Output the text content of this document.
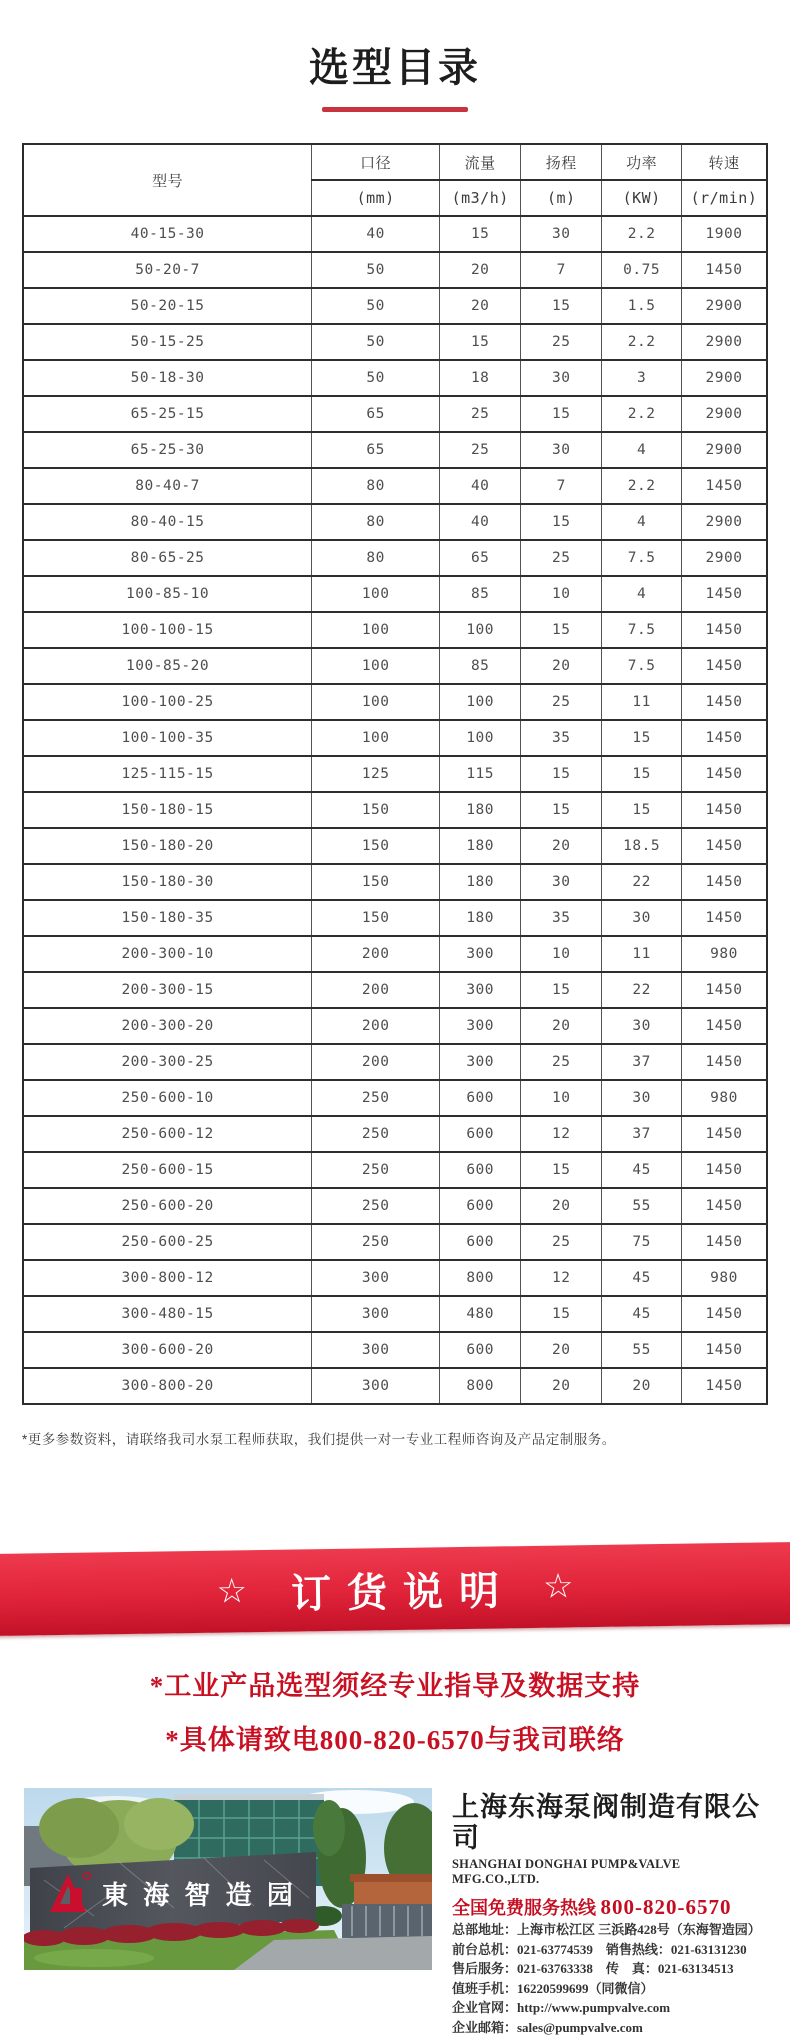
选型目录
型号	口径	流量	扬程	功率	转速
	(mm)	(m3/h)	(m)	(KW)	(r/min)
40-15-30	40	15	30	2.2	1900
50-20-7	50	20	7	0.75	1450
50-20-15	50	20	15	1.5	2900
50-15-25	50	15	25	2.2	2900
50-18-30	50	18	30	3	2900
65-25-15	65	25	15	2.2	2900
65-25-30	65	25	30	4	2900
80-40-7	80	40	7	2.2	1450
80-40-15	80	40	15	4	2900
80-65-25	80	65	25	7.5	2900
100-85-10	100	85	10	4	1450
100-100-15	100	100	15	7.5	1450
100-85-20	100	85	20	7.5	1450
100-100-25	100	100	25	11	1450
100-100-35	100	100	35	15	1450
125-115-15	125	115	15	15	1450
150-180-15	150	180	15	15	1450
150-180-20	150	180	20	18.5	1450
150-180-30	150	180	30	22	1450
150-180-35	150	180	35	30	1450
200-300-10	200	300	10	11	980
200-300-15	200	300	15	22	1450
200-300-20	200	300	20	30	1450
200-300-25	200	300	25	37	1450
250-600-10	250	600	10	30	980
250-600-12	250	600	12	37	1450
250-600-15	250	600	15	45	1450
250-600-20	250	600	20	55	1450
250-600-25	250	600	25	75	1450
300-800-12	300	800	12	45	980
300-480-15	300	480	15	45	1450
300-600-20	300	600	20	55	1450
300-800-20	300	800	20	20	1450

*更多参数资料，请联络我司水泵工程师获取，我们提供一对一专业工程师咨询及产品定制服务。

☆	订货说明 ☆
*工业产品选型须经专业指导及数据支持
*具体请致电800-820-6570与我司联络
東 海 智 造 园
上海东海泵阀制造有限公司
SHANGHAI DONGHAI PUMP&VALVE MFG.CO.,LTD.
全国免费服务热线 800-820-6570
总部地址：上海市松江区 三浜路428号（东海智造园）
前台总机：021-63774539　销售热线：021-63131230
售后服务：021-63763338　传　真：021-63134513
值班手机：16220599699（同微信）
企业官网：http://www.pumpvalve.com
企业邮箱：sales@pumpvalve.com
